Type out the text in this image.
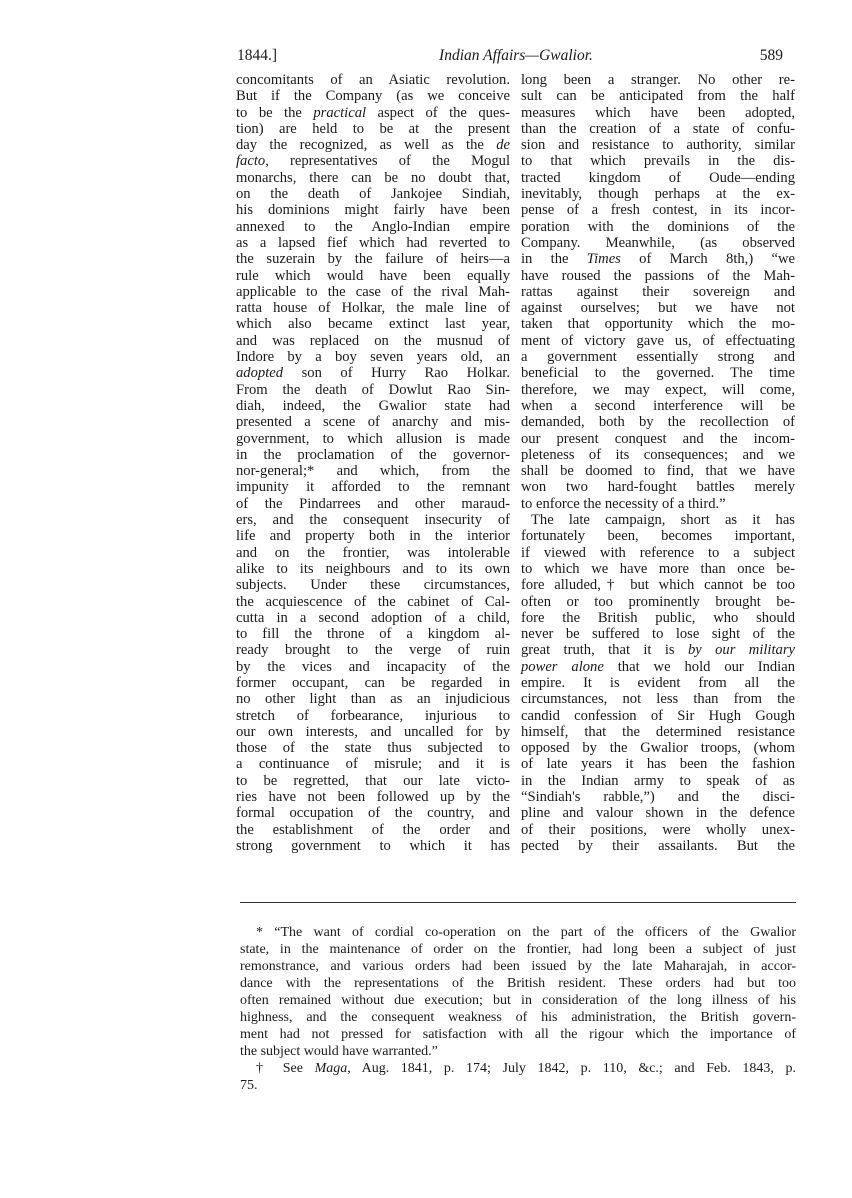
1844.]	Indian Affairs—Gwalior.	589
concomitants of an Asiatic revolution.
But if the Company (as we conceive
to be the practical aspect of the ques-
tion) are held to be at the present
day the recognized, as well as the de
facto, representatives of the Mogul
monarchs, there can be no doubt that,
on the death of Jankojee Sindiah,
his dominions might fairly have been
annexed to the Anglo-Indian empire
as a lapsed fief which had reverted to
the suzerain by the failure of heirs—a
rule which would have been equally
applicable to the case of the rival Mah-
ratta house of Holkar, the male line of
which also became extinct last year,
and was replaced on the musnud of
Indore by a boy seven years old, an
adopted son of Hurry Rao Holkar.
From the death of Dowlut Rao Sin-
diah, indeed, the Gwalior state had
presented a scene of anarchy and mis-
government, to which allusion is made
in the proclamation of the governor-
nor-general;* and which, from the
impunity it afforded to the remnant
of the Pindarrees and other maraud-
ers, and the consequent insecurity of
life and property both in the interior
and on the frontier, was intolerable
alike to its neighbours and to its own
subjects. Under these circumstances,
the acquiescence of the cabinet of Cal-
cutta in a second adoption of a child,
to fill the throne of a kingdom al-
ready brought to the verge of ruin
by the vices and incapacity of the
former occupant, can be regarded in
no other light than as an injudicious
stretch of forbearance, injurious to
our own interests, and uncalled for by
those of the state thus subjected to
a continuance of misrule; and it is
to be regretted, that our late victo-
ries have not been followed up by the
formal occupation of the country, and
the establishment of the order and
strong government to which it has
long been a stranger. No other re-
sult can be anticipated from the half
measures which have been adopted,
than the creation of a state of confu-
sion and resistance to authority, similar
to that which prevails in the dis-
tracted kingdom of Oude—ending
inevitably, though perhaps at the ex-
pense of a fresh contest, in its incor-
poration with the dominions of the
Company. Meanwhile, (as observed
in the Times of March 8th,) “we
have roused the passions of the Mah-
rattas against their sovereign and
against ourselves; but we have not
taken that opportunity which the mo-
ment of victory gave us, of effectuating
a government essentially strong and
beneficial to the governed. The time
therefore, we may expect, will come,
when a second interference will be
demanded, both by the recollection of
our present conquest and the incom-
pleteness of its consequences; and we
shall be doomed to find, that we have
won two hard-fought battles merely
to enforce the necessity of a third.”
The late campaign, short as it has
fortunately been, becomes important,
if viewed with reference to a subject
to which we have more than once be-
fore alluded,† but which cannot be too
often or too prominently brought be-
fore the British public, who should
never be suffered to lose sight of the
great truth, that it is by our military
power alone that we hold our Indian
empire. It is evident from all the
circumstances, not less than from the
candid confession of Sir Hugh Gough
himself, that the determined resistance
opposed by the Gwalior troops, (whom
of late years it has been the fashion
in the Indian army to speak of as
“Sindiah's rabble,”) and the disci-
pline and valour shown in the defence
of their positions, were wholly unex-
pected by their assailants. But the
* “The want of cordial co-operation on the part of the officers of the Gwalior
state, in the maintenance of order on the frontier, had long been a subject of just
remonstrance, and various orders had been issued by the late Maharajah, in accor-
dance with the representations of the British resident. These orders had but too
often remained without due execution; but in consideration of the long illness of his
highness, and the consequent weakness of his administration, the British govern-
ment had not pressed for satisfaction with all the rigour which the importance of
the subject would have warranted.”
† See Maga, Aug. 1841, p. 174; July 1842, p. 110, &c.; and Feb. 1843, p.
75.
